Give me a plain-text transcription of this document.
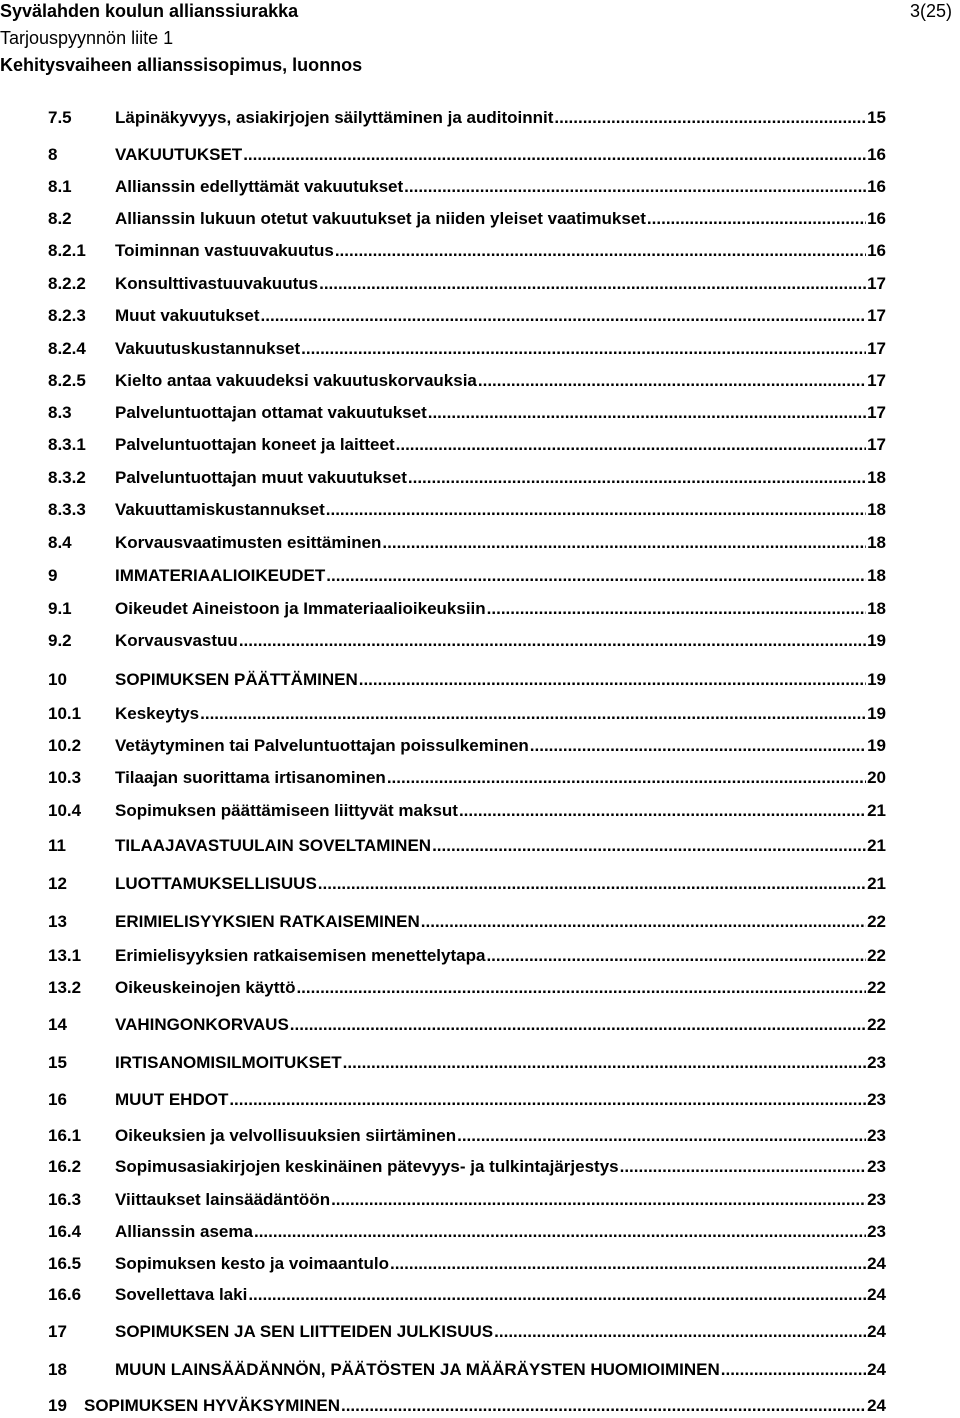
Syvälahden koulun allianssiurakka
Tarjouspyynnön liite 1
Kehitysvaiheen allianssisopimus, luonnos
3(25)
7.5	Läpinäkyvyys, asiakirjojen säilyttäminen ja auditoinnit .....	15
8	VAKUUTUKSET .....	16
8.1	Allianssin edellyttämät vakuutukset .....	16
8.2	Allianssin lukuun otetut vakuutukset ja niiden yleiset vaatimukset .....	16
8.2.1	Toiminnan vastuuvakuutus .....	16
8.2.2	Konsulttivastuuvakuutus .....	17
8.2.3	Muut vakuutukset .....	17
8.2.4	Vakuutuskustannukset .....	17
8.2.5	Kielto antaa vakuudeksi vakuutuskorvauksia .....	17
8.3	Palveluntuottajan ottamat vakuutukset .....	17
8.3.1	Palveluntuottajan koneet ja laitteet .....	17
8.3.2	Palveluntuottajan muut vakuutukset .....	18
8.3.3	Vakuuttamiskustannukset .....	18
8.4	Korvausvaatimusten esittäminen .....	18
9	IMMATERIAALIOIKEUDET .....	18
9.1	Oikeudet Aineistoon ja Immateriaalioikeuksiin .....	18
9.2	Korvausvastuu .....	19
10	SOPIMUKSEN PÄÄTTÄMINEN .....	19
10.1	Keskeytys .....	19
10.2	Vetäytyminen tai Palveluntuottajan poissulkeminen .....	19
10.3	Tilaajan suorittama irtisanominen .....	20
10.4	Sopimuksen päättämiseen liittyvät maksut .....	21
11	TILAAJAVASTUULAIN SOVELTAMINEN .....	21
12	LUOTTAMUKSELLISUUS .....	21
13	ERIMIELISYYKSIEN RATKAISEMINEN .....	22
13.1	Erimielisyyksien ratkaisemisen menettelytapa .....	22
13.2	Oikeuskeinojen käyttö .....	22
14	VAHINGONKORVAUS .....	22
15	IRTISANOMISILMOITUKSET .....	23
16	MUUT EHDOT .....	23
16.1	Oikeuksien ja velvollisuuksien siirtäminen .....	23
16.2	Sopimusasiakirjojen keskinäinen pätevyys- ja tulkintajärjestys .....	23
16.3	Viittaukset lainsäädäntöön .....	23
16.4	Allianssin asema .....	23
16.5	Sopimuksen kesto ja voimaantulo .....	24
16.6	Sovellettava laki .....	24
17	SOPIMUKSEN JA SEN LIITTEIDEN JULKISUUS .....	24
18	MUUN LAINSÄÄDÄNNÖN, PÄÄTÖSTEN JA MÄÄRÄYSTEN HUOMIOIMINEN .....	24
19	SOPIMUKSEN HYVÄKSYMINEN .....	24
